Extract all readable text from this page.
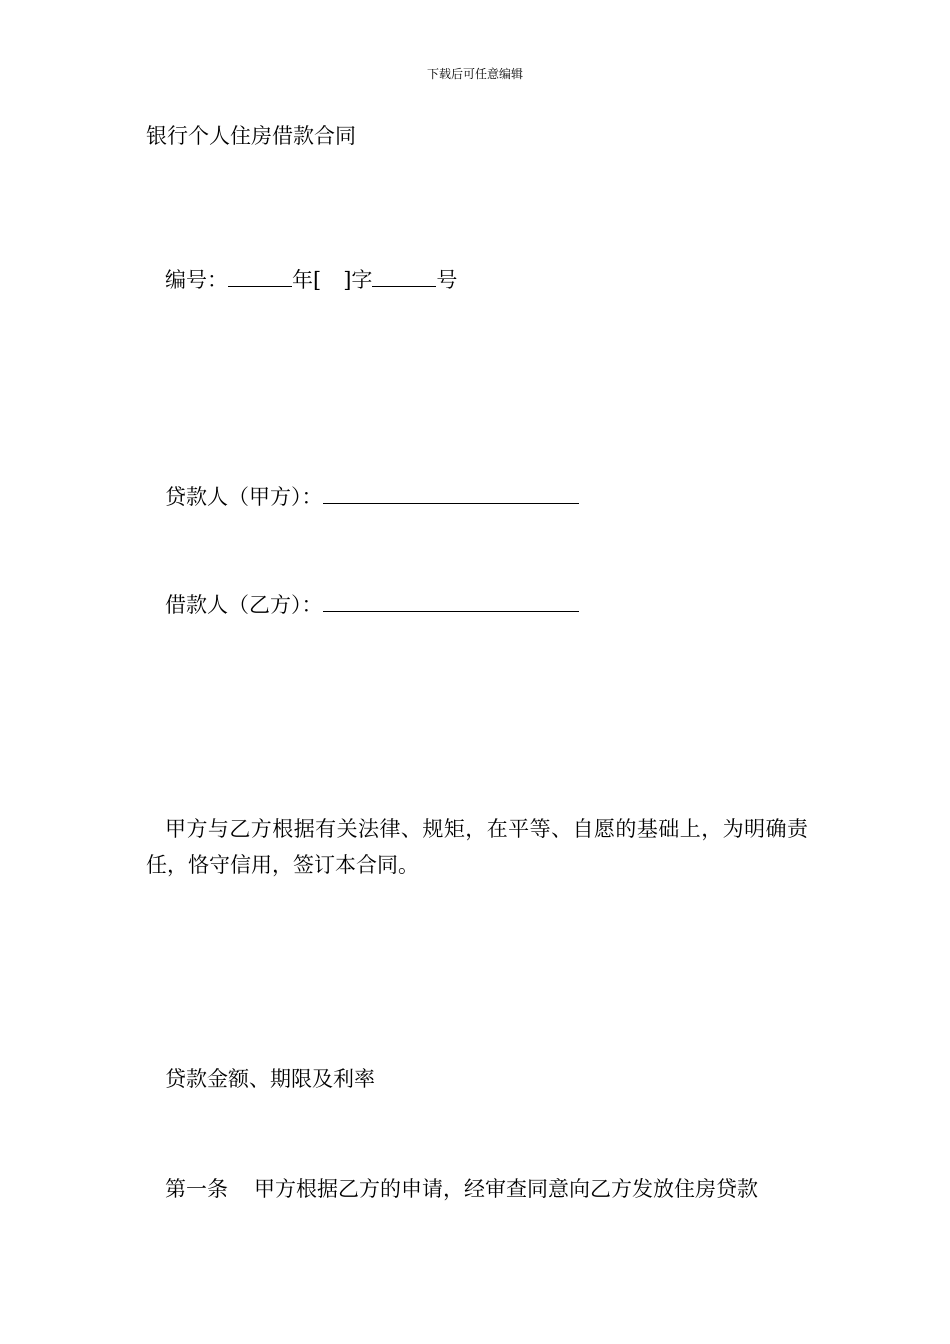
下载后可任意编辑
银行个人住房借款合同
编号：	年[ ]字	号
贷款人（甲方）：
借款人（乙方）：
甲方与乙方根据有关法律、规矩，在平等、自愿的基础上，为明确责任，恪守信用，签订本合同。
贷款金额、期限及利率
第一条 甲方根据乙方的申请，经审查同意向乙方发放住房贷款
